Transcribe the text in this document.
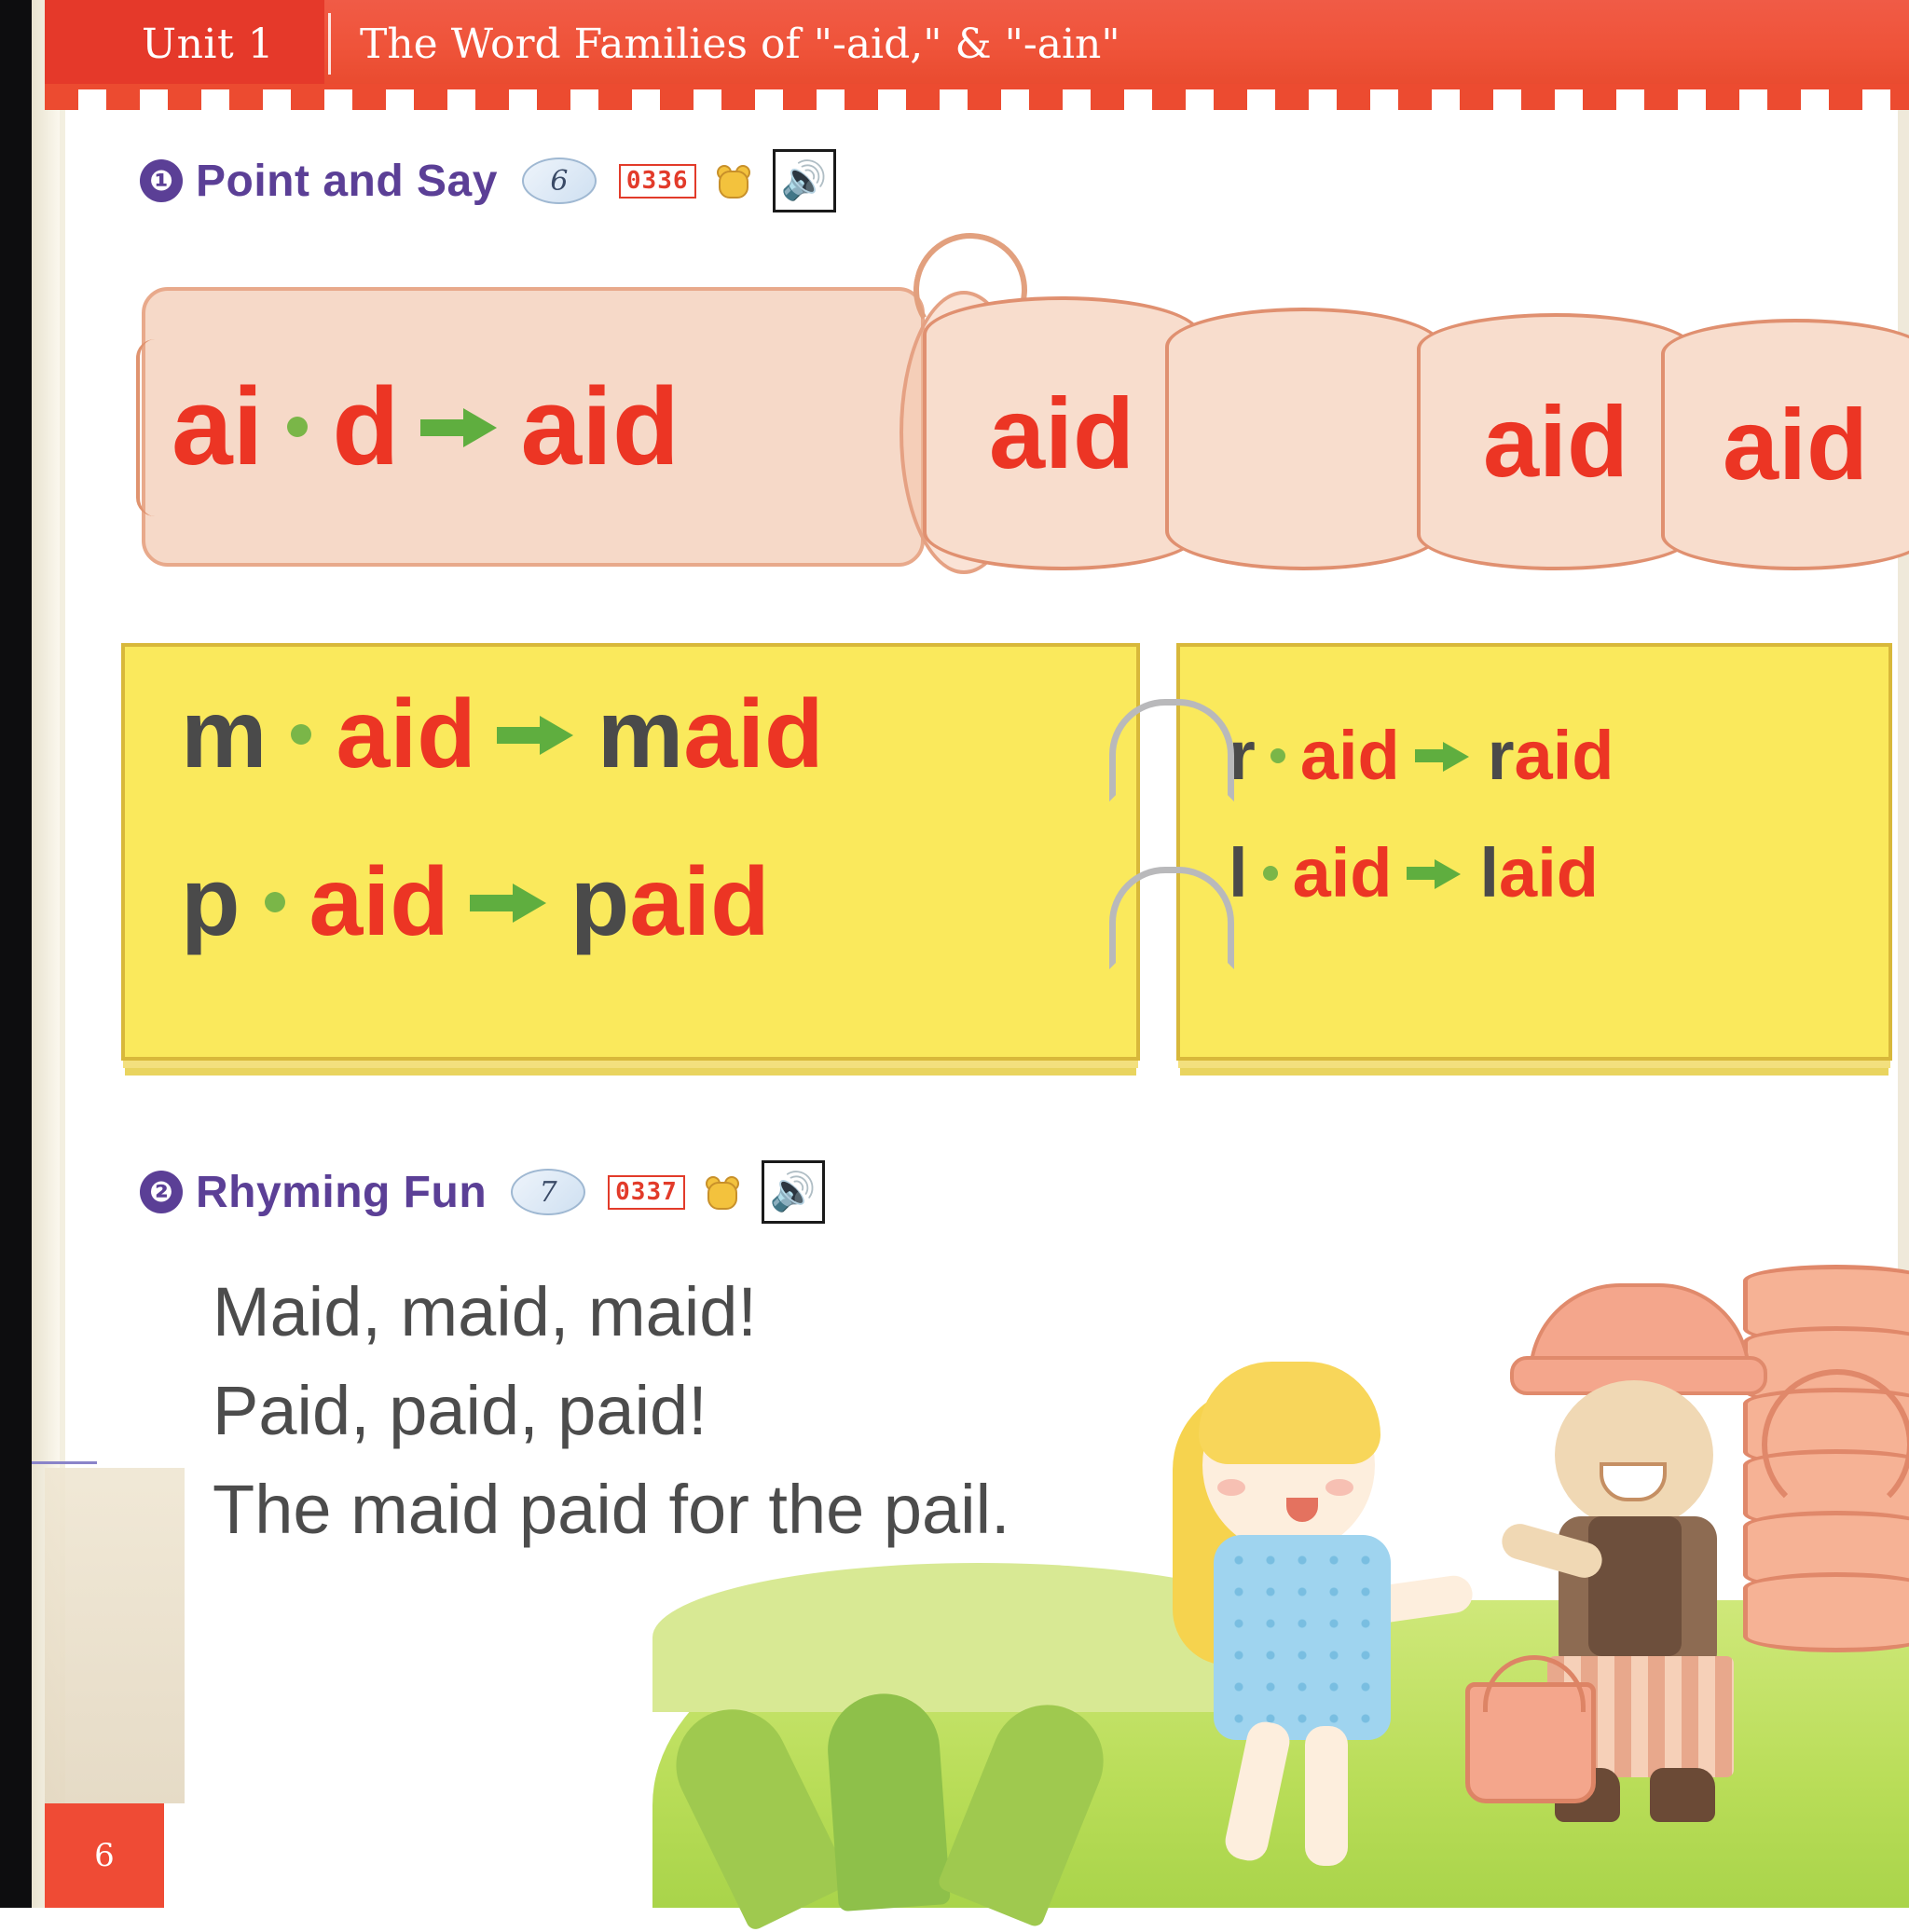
Unit 1 The Word Families of "-aid," & "-ain"
❶ Point and Say	6	0336 🔊
ai d aid	aid	aid aid
m aid m aid
p aid p aid
r aid r aid
l aid l aid
❷ Rhyming Fun	7	0337 🔊
Maid, maid, maid!
Paid, paid, paid!
The maid paid for the pail.
6
